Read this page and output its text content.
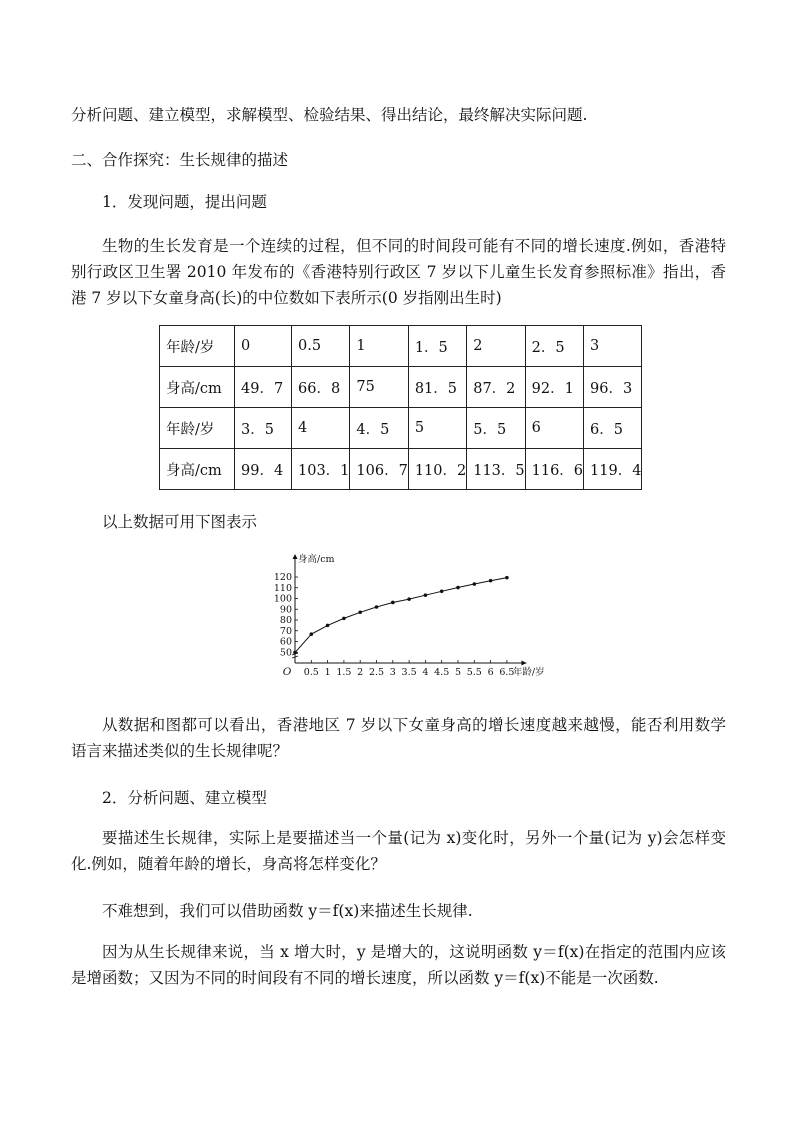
分析问题、建立模型，求解模型、检验结果、得出结论，最终解决实际问题.
二、合作探究：生长规律的描述
1．发现问题，提出问题

生物的生长发育是一个连续的过程，但不同的时间段可能有不同的增长速度.例如，香港特别行政区卫生署 2010 年发布的《香港特别行政区 7 岁以下儿童生长发育参照标准》指出，香港 7 岁以下女童身高(长)的中位数如下表所示(0 岁指刚出生时)

年龄/岁	0	0.5	1	1．5	2	2．5	3
身高/cm	49．7	66．8	75	81．5	87．2	92．1	96．3
年龄/岁	3．5	4	4．5	5	5．5	6	6．5
身高/cm	99．4	103．1	106．7	110．2	113．5	116．6	119．4
以上数据可用下图表示
50
60
70
80
90
100
110
120
0.5 1 1.5 2 2.5 3 3.5 4 4.5 5 5.5 6 6.5
O
身高/cm
年龄/岁

从数据和图都可以看出，香港地区 7 岁以下女童身高的增长速度越来越慢，能否利用数学语言来描述类似的生长规律呢？

2．分析问题、建立模型

要描述生长规律，实际上是要描述当一个量(记为 x)变化时，另外一个量(记为 y)会怎样变化.例如，随着年龄的增长，身高将怎样变化？

不难想到，我们可以借助函数 y＝f(x)来描述生长规律.

因为从生长规律来说，当 x 增大时，y 是增大的，这说明函数 y＝f(x)在指定的范围内应该是增函数；又因为不同的时间段有不同的增长速度，所以函数 y＝f(x)不能是一次函数.
